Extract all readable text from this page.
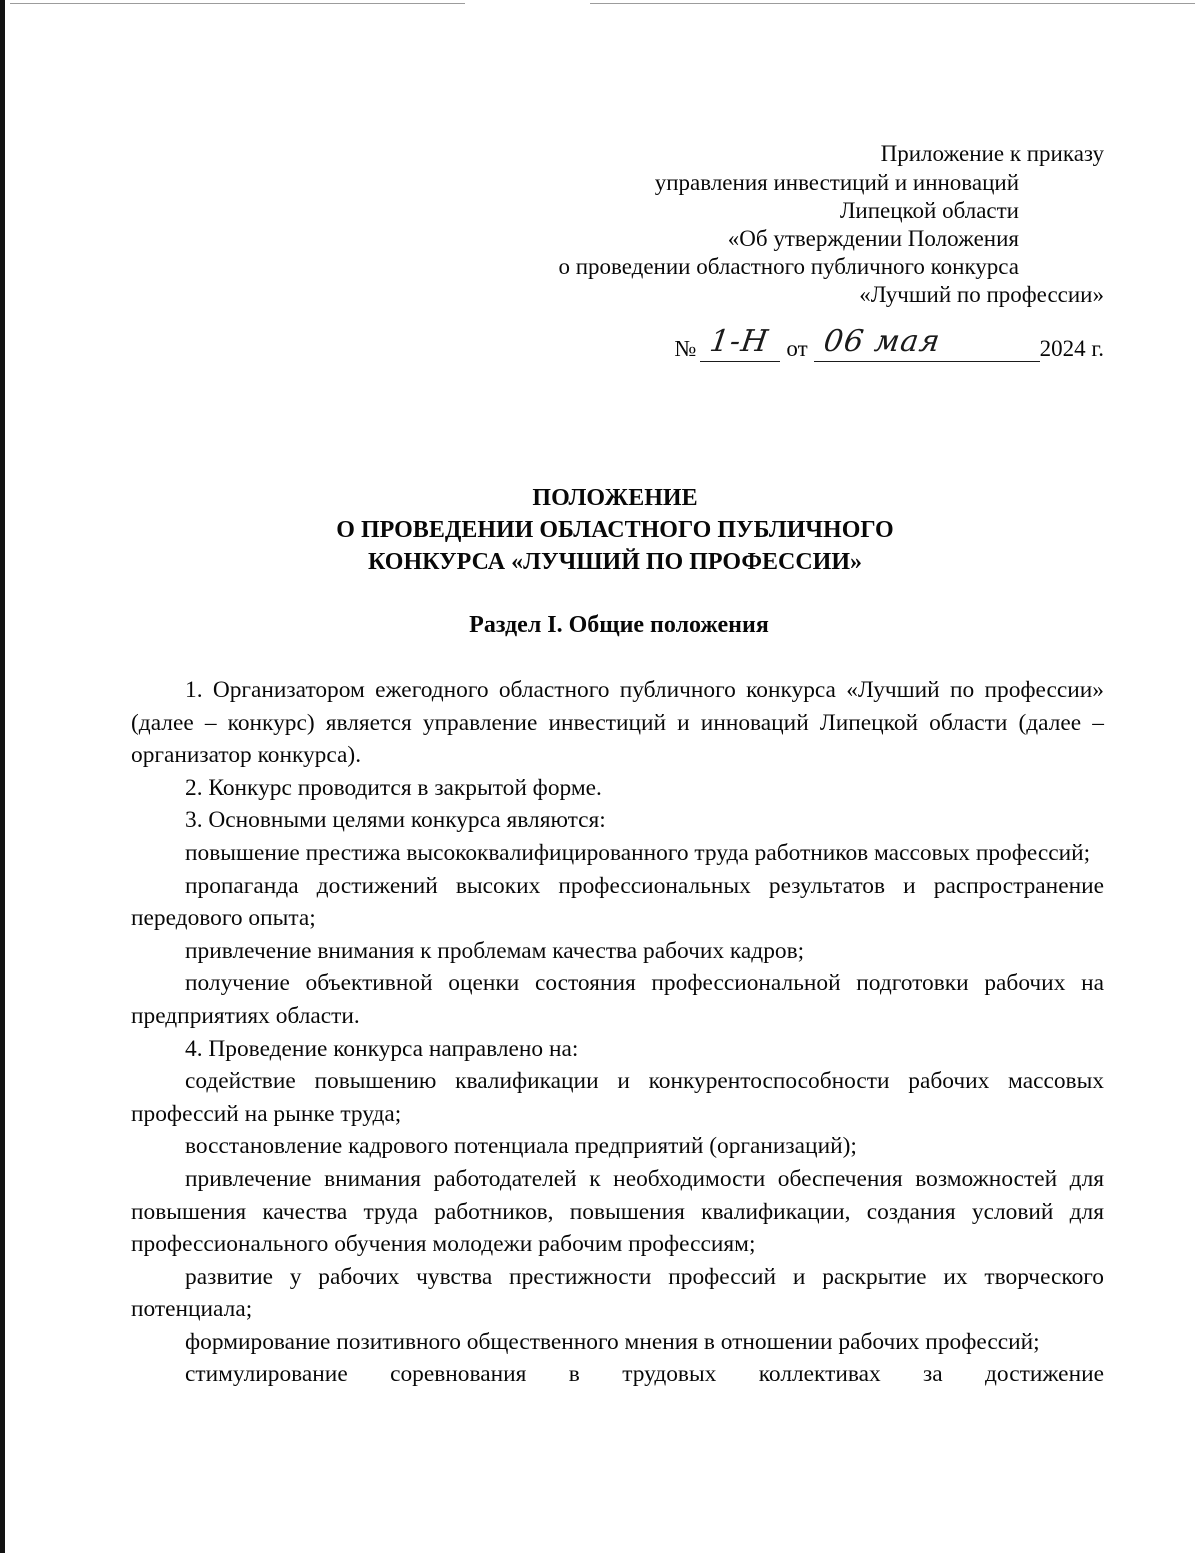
Приложение к приказу
управления инвестиций и инноваций
Липецкой области
«Об утверждении Положения
о проведении областного публичного конкурса
«Лучший по профессии»
№ 1-Н от 06 мая	2024 г.
ПОЛОЖЕНИЕ
О ПРОВЕДЕНИИ ОБЛАСТНОГО ПУБЛИЧНОГО
КОНКУРСА «ЛУЧШИЙ ПО ПРОФЕССИИ»
Раздел I. Общие положения

1. Организатором ежегодного областного публичного конкурса «Лучший по профессии» (далее – конкурс) является управление инвестиций и инноваций Липецкой области (далее – организатор конкурса).

2. Конкурс проводится в закрытой форме.

3. Основными целями конкурса являются:

повышение престижа высококвалифицированного труда работников массовых профессий;

пропаганда достижений высоких профессиональных результатов и распространение передового опыта;

привлечение внимания к проблемам качества рабочих кадров;

получение объективной оценки состояния профессиональной подготовки рабочих на предприятиях области.

4. Проведение конкурса направлено на:

содействие повышению квалификации и конкурентоспособности рабочих массовых профессий на рынке труда;

восстановление кадрового потенциала предприятий (организаций);

привлечение внимания работодателей к необходимости обеспечения возможностей для повышения качества труда работников, повышения квалификации, создания условий для профессионального обучения молодежи рабочим профессиям;

развитие у рабочих чувства престижности профессий и раскрытие их творческого потенциала;

формирование позитивного общественного мнения в отношении рабочих профессий;

стимулирование соревнования в трудовых коллективах за достижение
